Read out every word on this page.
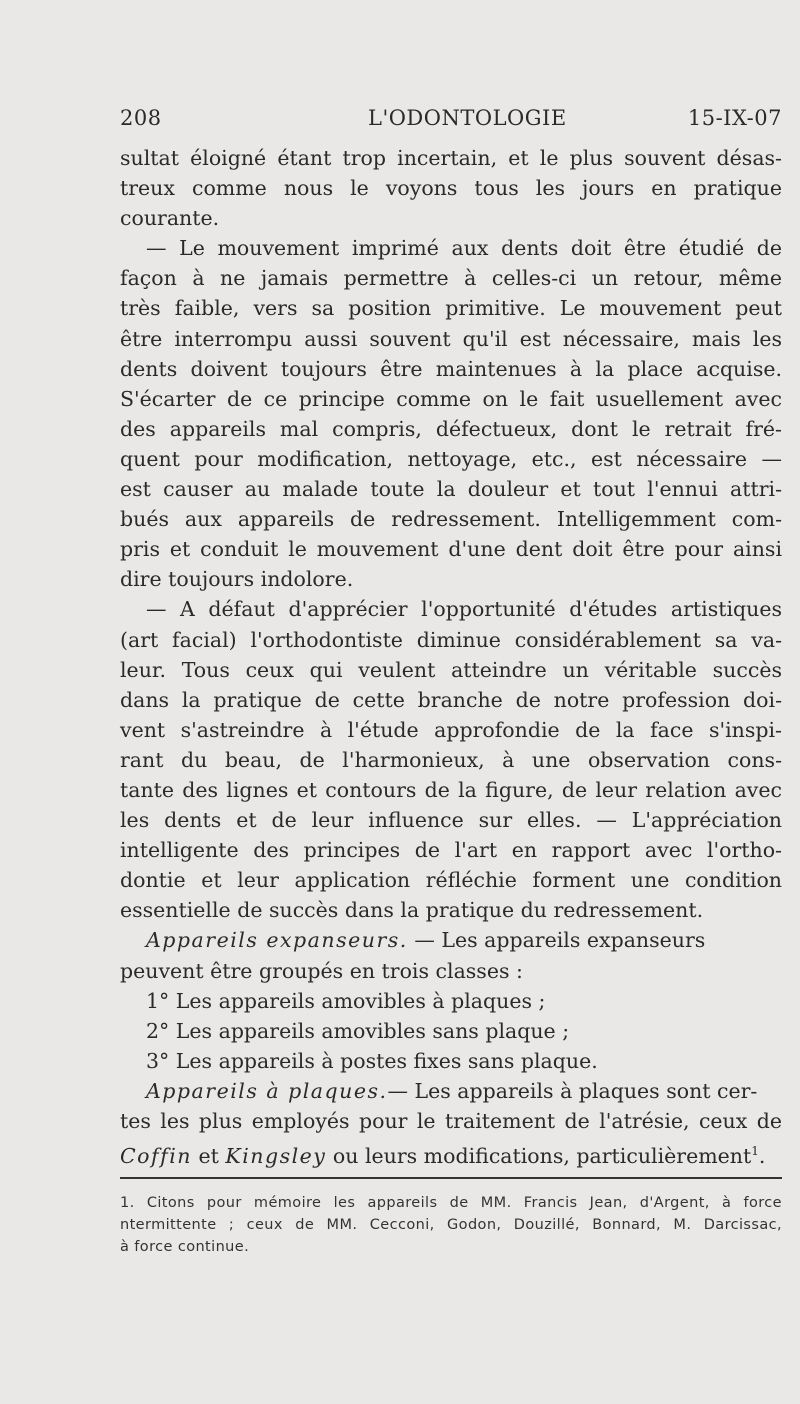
208	L'ODONTOLOGIE	15-IX-07
sultat éloigné étant trop incertain, et le plus souvent désas-
treux comme nous le voyons tous les jours en pratique
courante.
— Le mouvement imprimé aux dents doit être étudié de
façon à ne jamais permettre à celles-ci un retour, même
très faible, vers sa position primitive. Le mouvement peut
être interrompu aussi souvent qu'il est nécessaire, mais les
dents doivent toujours être maintenues à la place acquise.
S'écarter de ce principe comme on le fait usuellement avec
des appareils mal compris, défectueux, dont le retrait fré-
quent pour modification, nettoyage, etc., est nécessaire —
est causer au malade toute la douleur et tout l'ennui attri-
bués aux appareils de redressement. Intelligemment com-
pris et conduit le mouvement d'une dent doit être pour ainsi
dire toujours indolore.
— A défaut d'apprécier l'opportunité d'études artistiques
(art facial) l'orthodontiste diminue considérablement sa va-
leur. Tous ceux qui veulent atteindre un véritable succès
dans la pratique de cette branche de notre profession doi-
vent s'astreindre à l'étude approfondie de la face s'inspi-
rant du beau, de l'harmonieux, à une observation cons-
tante des lignes et contours de la figure, de leur relation avec
les dents et de leur influence sur elles. — L'appréciation
intelligente des principes de l'art en rapport avec l'ortho-
dontie et leur application réfléchie forment une condition
essentielle de succès dans la pratique du redressement.
Appareils expanseurs. — Les appareils expanseurs
peuvent être groupés en trois classes :
1° Les appareils amovibles à plaques ;
2° Les appareils amovibles sans plaque ;
3° Les appareils à postes fixes sans plaque.
Appareils à plaques.— Les appareils à plaques sont cer-
tes les plus employés pour le traitement de l'atrésie, ceux de
Coffin et Kingsley ou leurs modifications, particulièrement$^1$.
1. Citons pour mémoire les appareils de MM. Francis Jean, d'Argent, à force
ntermittente ; ceux de MM. Cecconi, Godon, Douzillé, Bonnard, M. Darcissac,
à force continue.
